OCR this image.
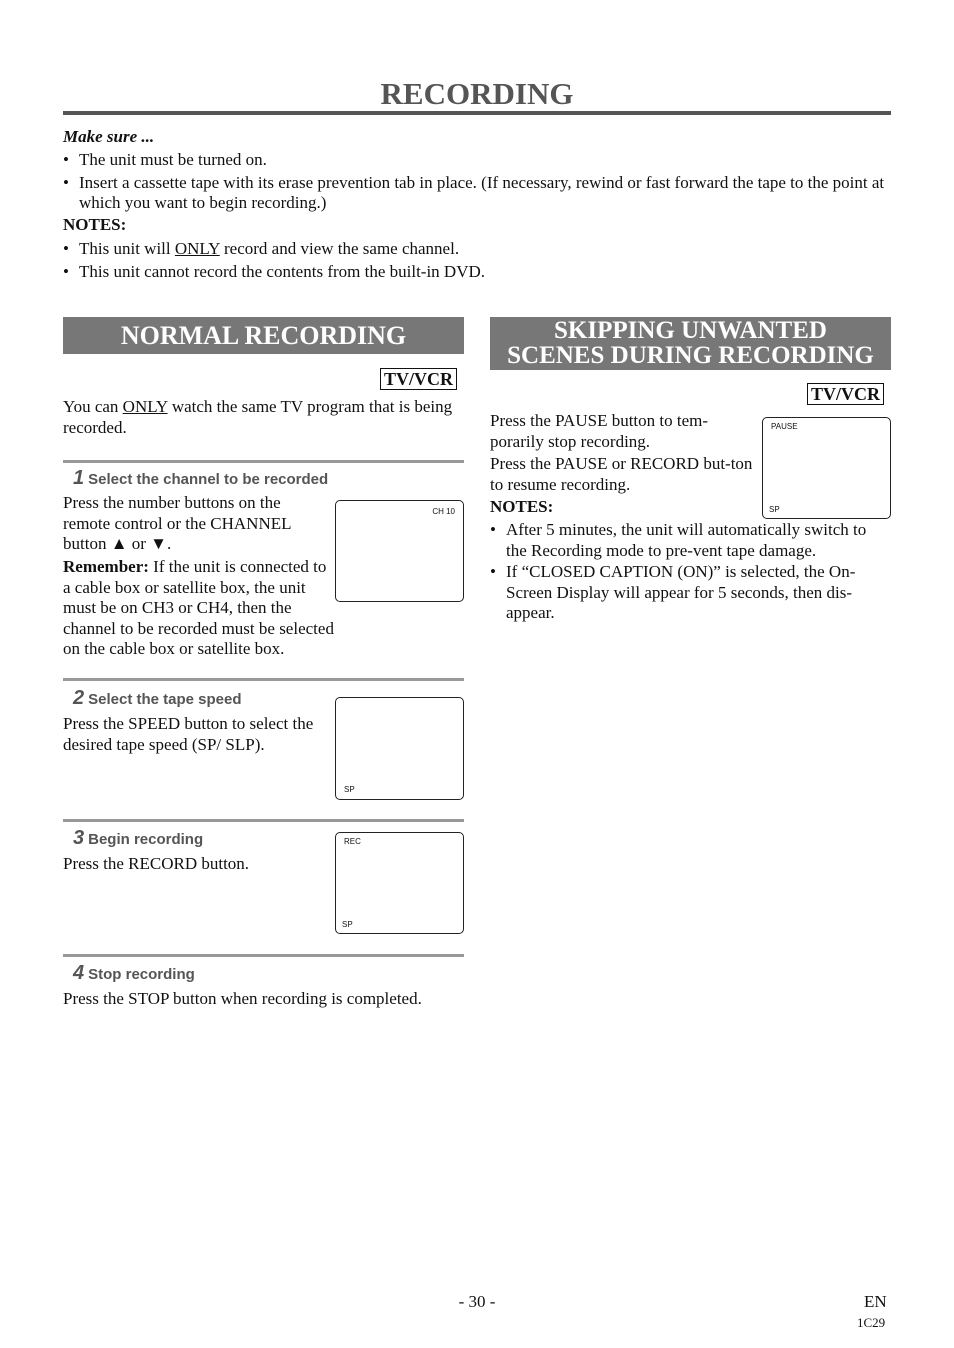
RECORDING
Make sure ...
• The unit must be turned on.
• Insert a cassette tape with its erase prevention tab in place. (If necessary, rewind or fast forward the tape to the point at which you want to begin recording.)
NOTES:
• This unit will ONLY record and view the same channel.
• This unit cannot record the contents from the built-in DVD.
NORMAL RECORDING
TV/VCR
You can ONLY watch the same TV program that is being recorded.
1 Select the channel to be recorded
Press the number buttons on the remote control or the CHANNEL button ▲ or ▼.
Remember: If the unit is connected to a cable box or satellite box, the unit must be on CH3 or CH4, then the channel to be recorded must be selected on the cable box or satellite box.
CH 10
2 Select the tape speed
Press the SPEED button to select the desired tape speed (SP/ SLP).
SP
3 Begin recording
Press the RECORD button.
REC
SP
4 Stop recording
Press the STOP button when recording is completed.
SKIPPING UNWANTED
SCENES DURING RECORDING
TV/VCR
Press the PAUSE button to tem-porarily stop recording.
Press the PAUSE or RECORD but-ton to resume recording.
NOTES:
• After 5 minutes, the unit will automatically switch to the Recording mode to pre-vent tape damage.
• If “CLOSED CAPTION (ON)” is selected, the On-Screen Display will appear for 5 seconds, then dis-appear.
PAUSE
SP
- 30 -	EN
1C29
